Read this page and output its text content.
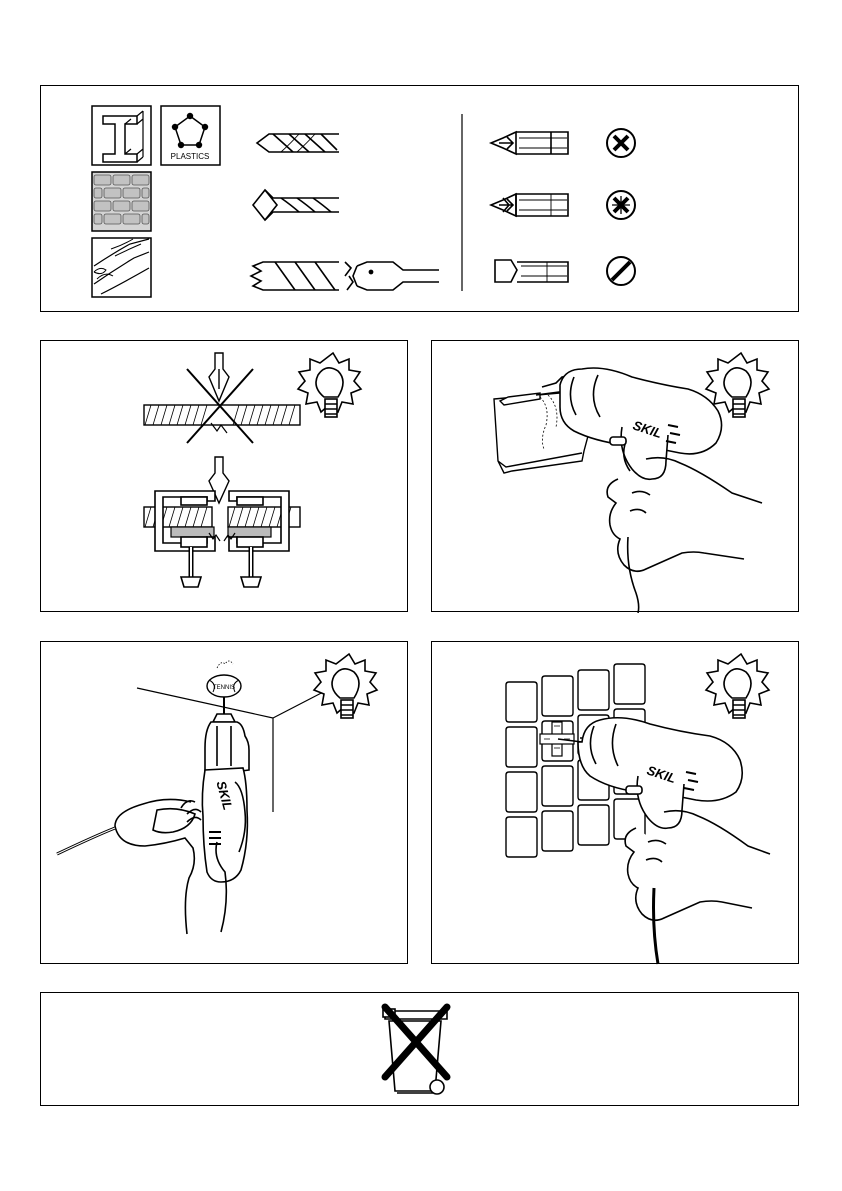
PLASTICS
SKIL
TENNIS
SKIL
SKIL
